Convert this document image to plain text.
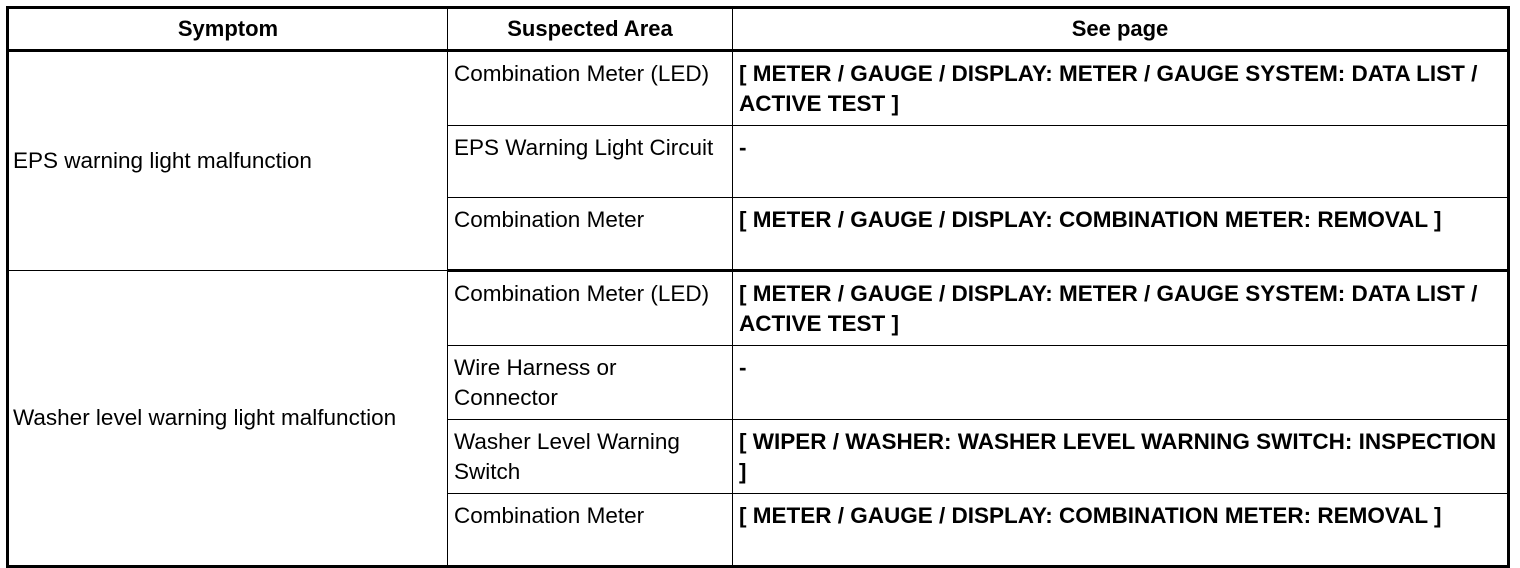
Symptom	Suspected Area	See page
EPS warning light malfunction	Combination Meter (LED)	[ METER / GAUGE / DISPLAY: METER / GAUGE SYSTEM: DATA LIST / ACTIVE TEST ]
	EPS Warning Light Circuit	-
	Combination Meter	[ METER / GAUGE / DISPLAY: COMBINATION METER: REMOVAL ]
Washer level warning light malfunction	Combination Meter (LED)	[ METER / GAUGE / DISPLAY: METER / GAUGE SYSTEM: DATA LIST / ACTIVE TEST ]
	Wire Harness or Connector	-
	Washer Level Warning Switch	[ WIPER / WASHER: WASHER LEVEL WARNING SWITCH: INSPECTION ]
	Combination Meter	[ METER / GAUGE / DISPLAY: COMBINATION METER: REMOVAL ]
